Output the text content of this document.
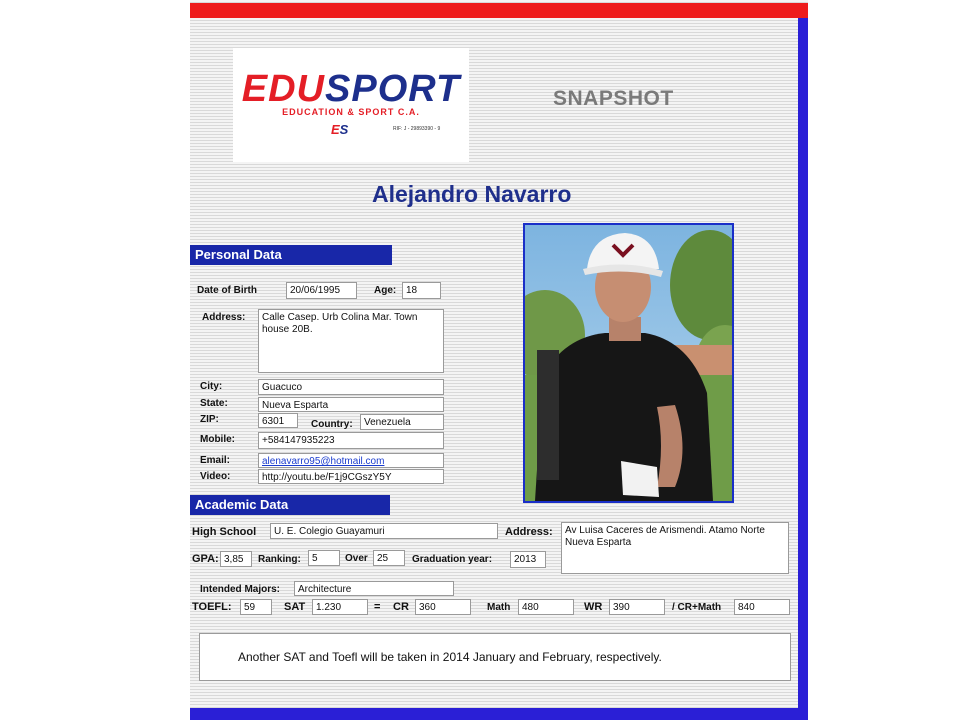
EDUSPORT
EDUCATION & SPORT C.A.
ES	RIF: J - 29893390 - 9
SNAPSHOT
Alejandro Navarro
Personal Data
Date of Birth	20/06/1995	Age: 18
Address:	Calle Casep. Urb Colina Mar. Town house 20B.
City:	Guacuco
State:	Nueva Esparta
ZIP:	6301	Country:	Venezuela
Mobile:	+584147935223
Email:	alenavarro95@hotmail.com
Video:	http://youtu.be/F1j9CGszY5Y
Academic Data
High School	U. E. Colegio Guayamuri	Address:	Av Luisa Caceres de Arismendi. Atamo Norte Nueva Esparta
GPA: 3,85	Ranking:	5	Over 25	Graduation year:	2013
Intended Majors:	Architecture
TOEFL:	59	SAT	1.230	= CR	360	Math	480	WR	390	/ CR+Math	840
Another SAT and Toefl will be taken in 2014 January and February, respectively.
